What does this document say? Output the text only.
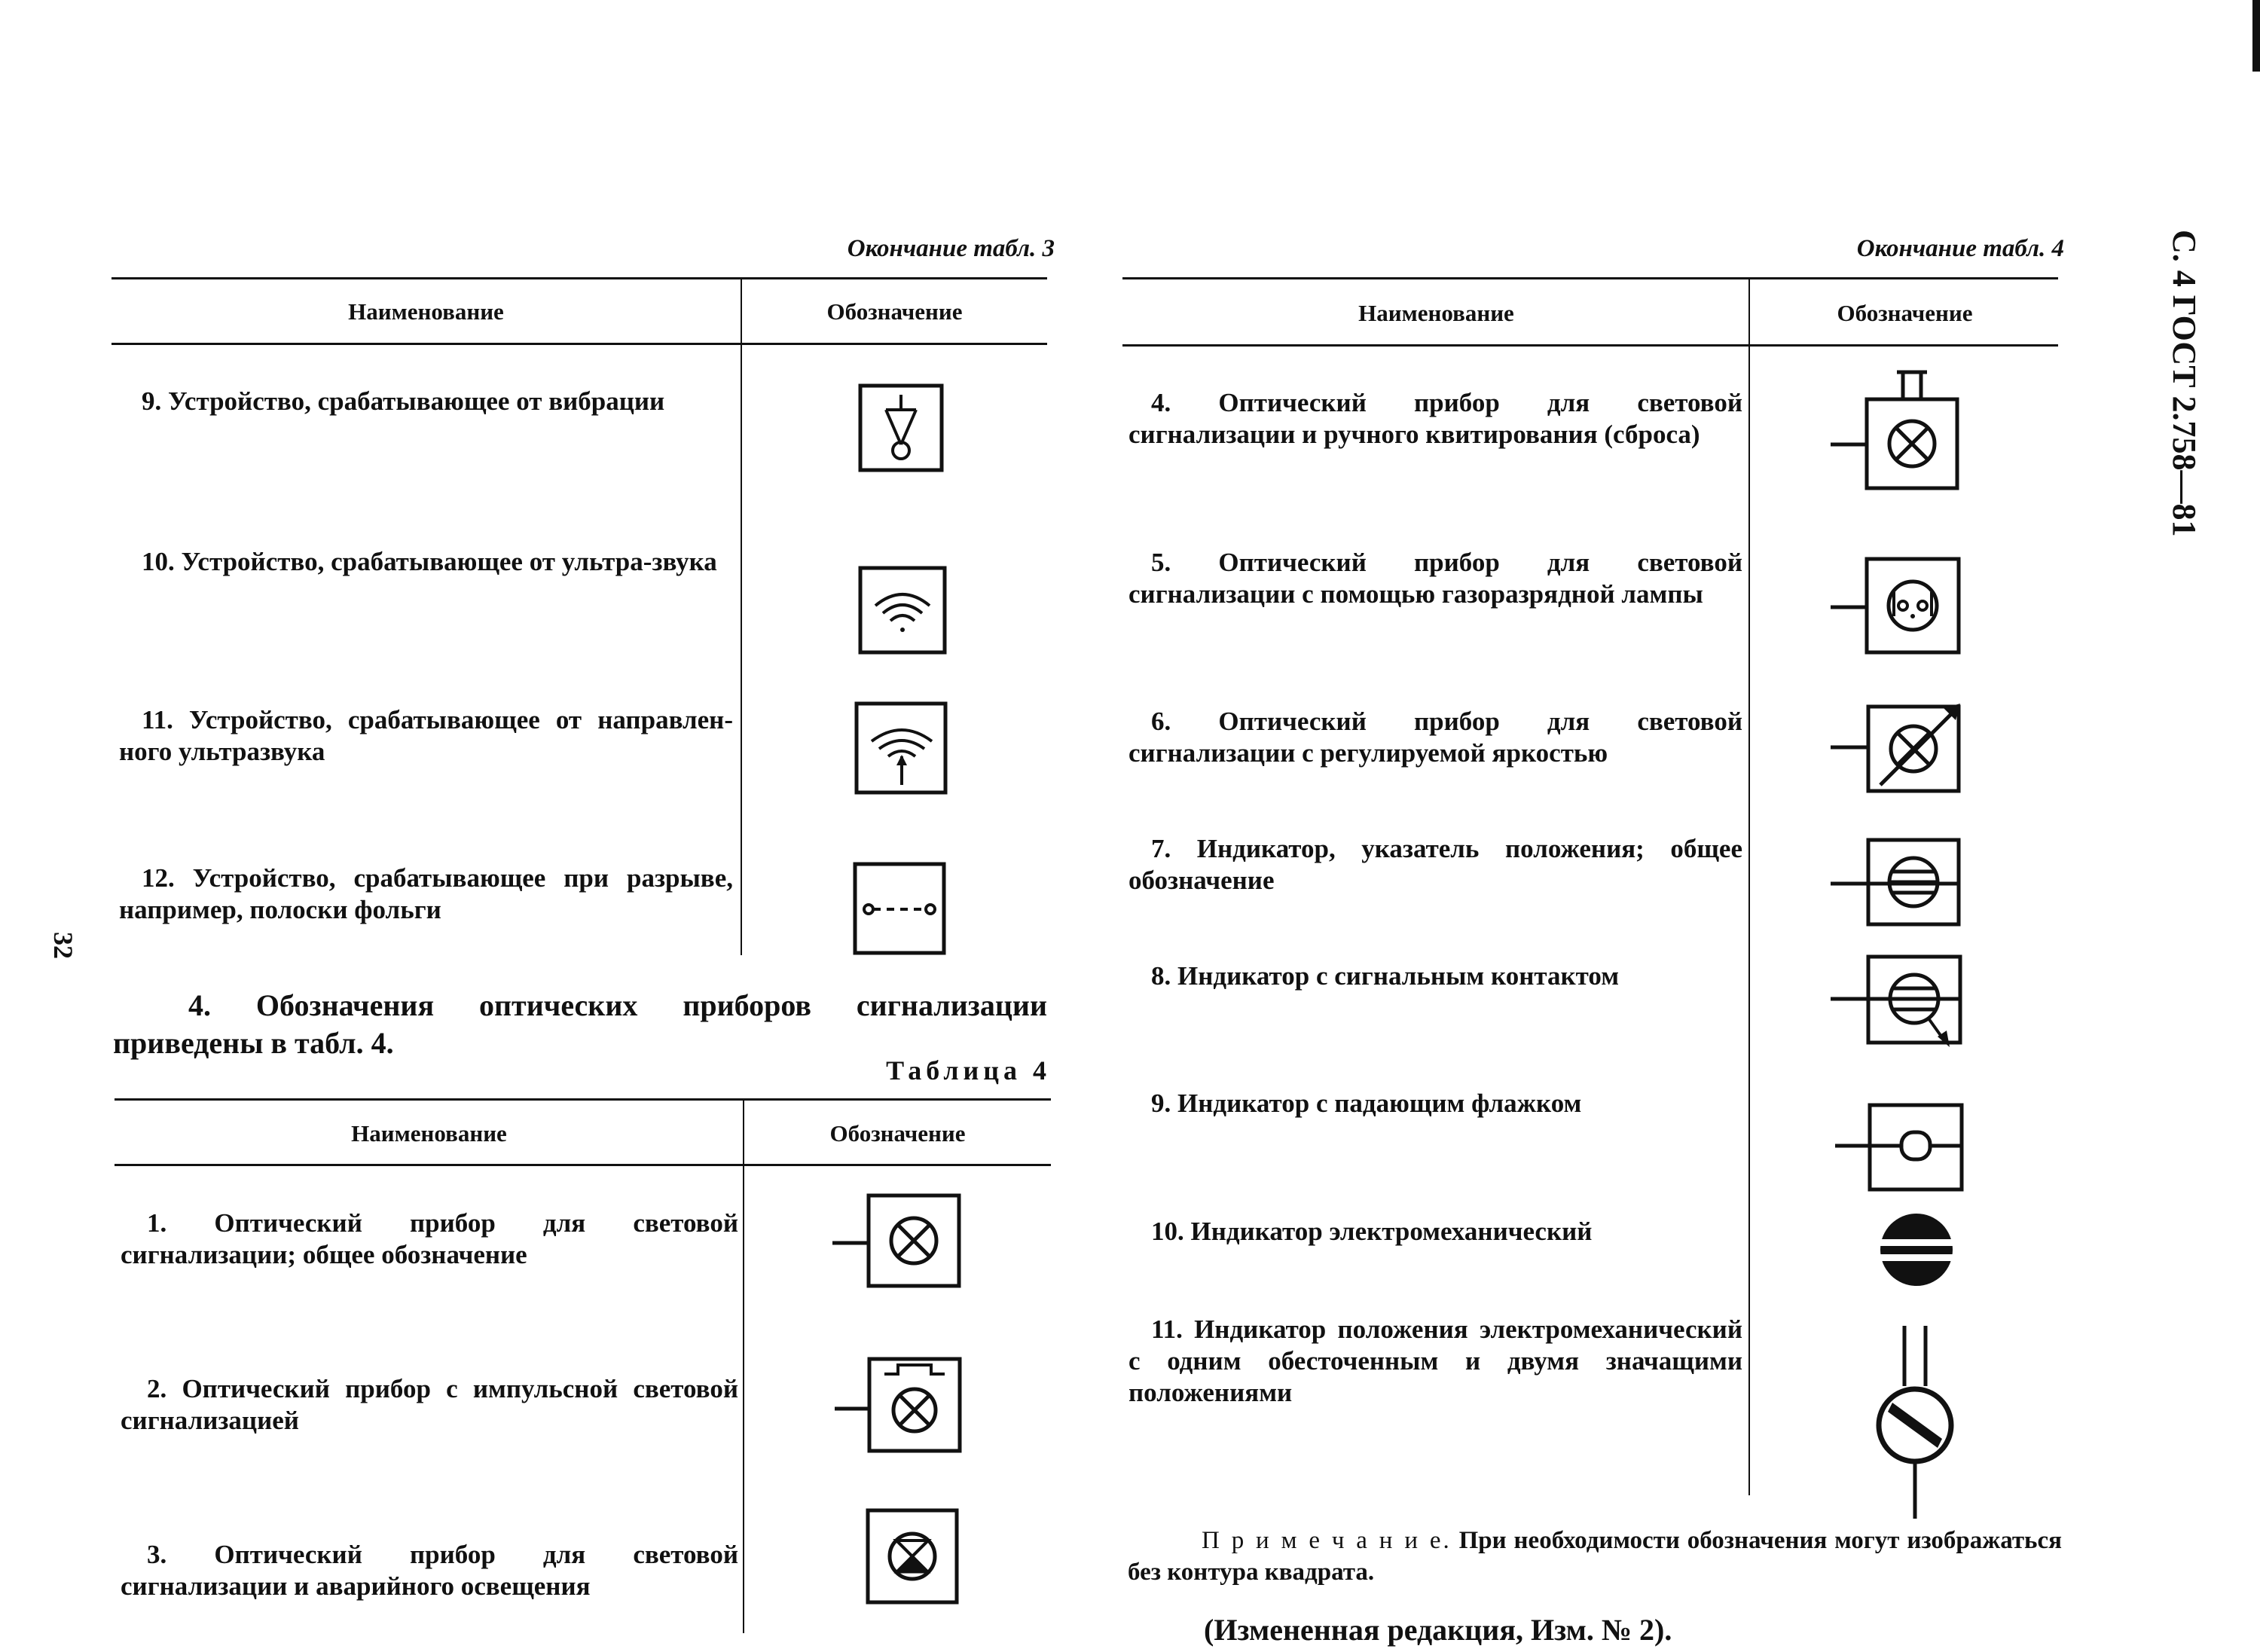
С. 4 ГОСТ 2.758—81
32
Окончание табл. 3
Наименование	Обозначение
9. Устройство, срабатывающее от вибрации
10. Устройство, срабатывающее от ультра-звука
11. Устройство, срабатывающее от направлен-ного ультразвука
12. Устройство, срабатывающее при разрыве, например, полоски фольги
4. Обозначения оптических приборов сигнализации приведены в табл. 4.
Таблица 4
Наименование	Обозначение
1. Оптический прибор для световой сигнализации; общее обозначение
2. Оптический прибор с импульсной световой сигнализацией
3. Оптический прибор для световой сигнализации и аварийного освещения
Окончание табл. 4
Наименование	Обозначение
4. Оптический прибор для световой сигнализации и ручного квитирования (сброса)
5. Оптический прибор для световой сигнализации с помощью газоразрядной лампы
6. Оптический прибор для световой сигнализации с регулируемой яркостью
7. Индикатор, указатель положения; общее обозначение
8. Индикатор с сигнальным контактом
9. Индикатор с падающим флажком
10. Индикатор электромеханический
11. Индикатор положения электромеханический с одним обесточенным и двумя значащими положениями
П р и м е ч а н и е. При необходимости обозначения могут изображаться без контура квадрата.
(Измененная редакция, Изм. № 2).
